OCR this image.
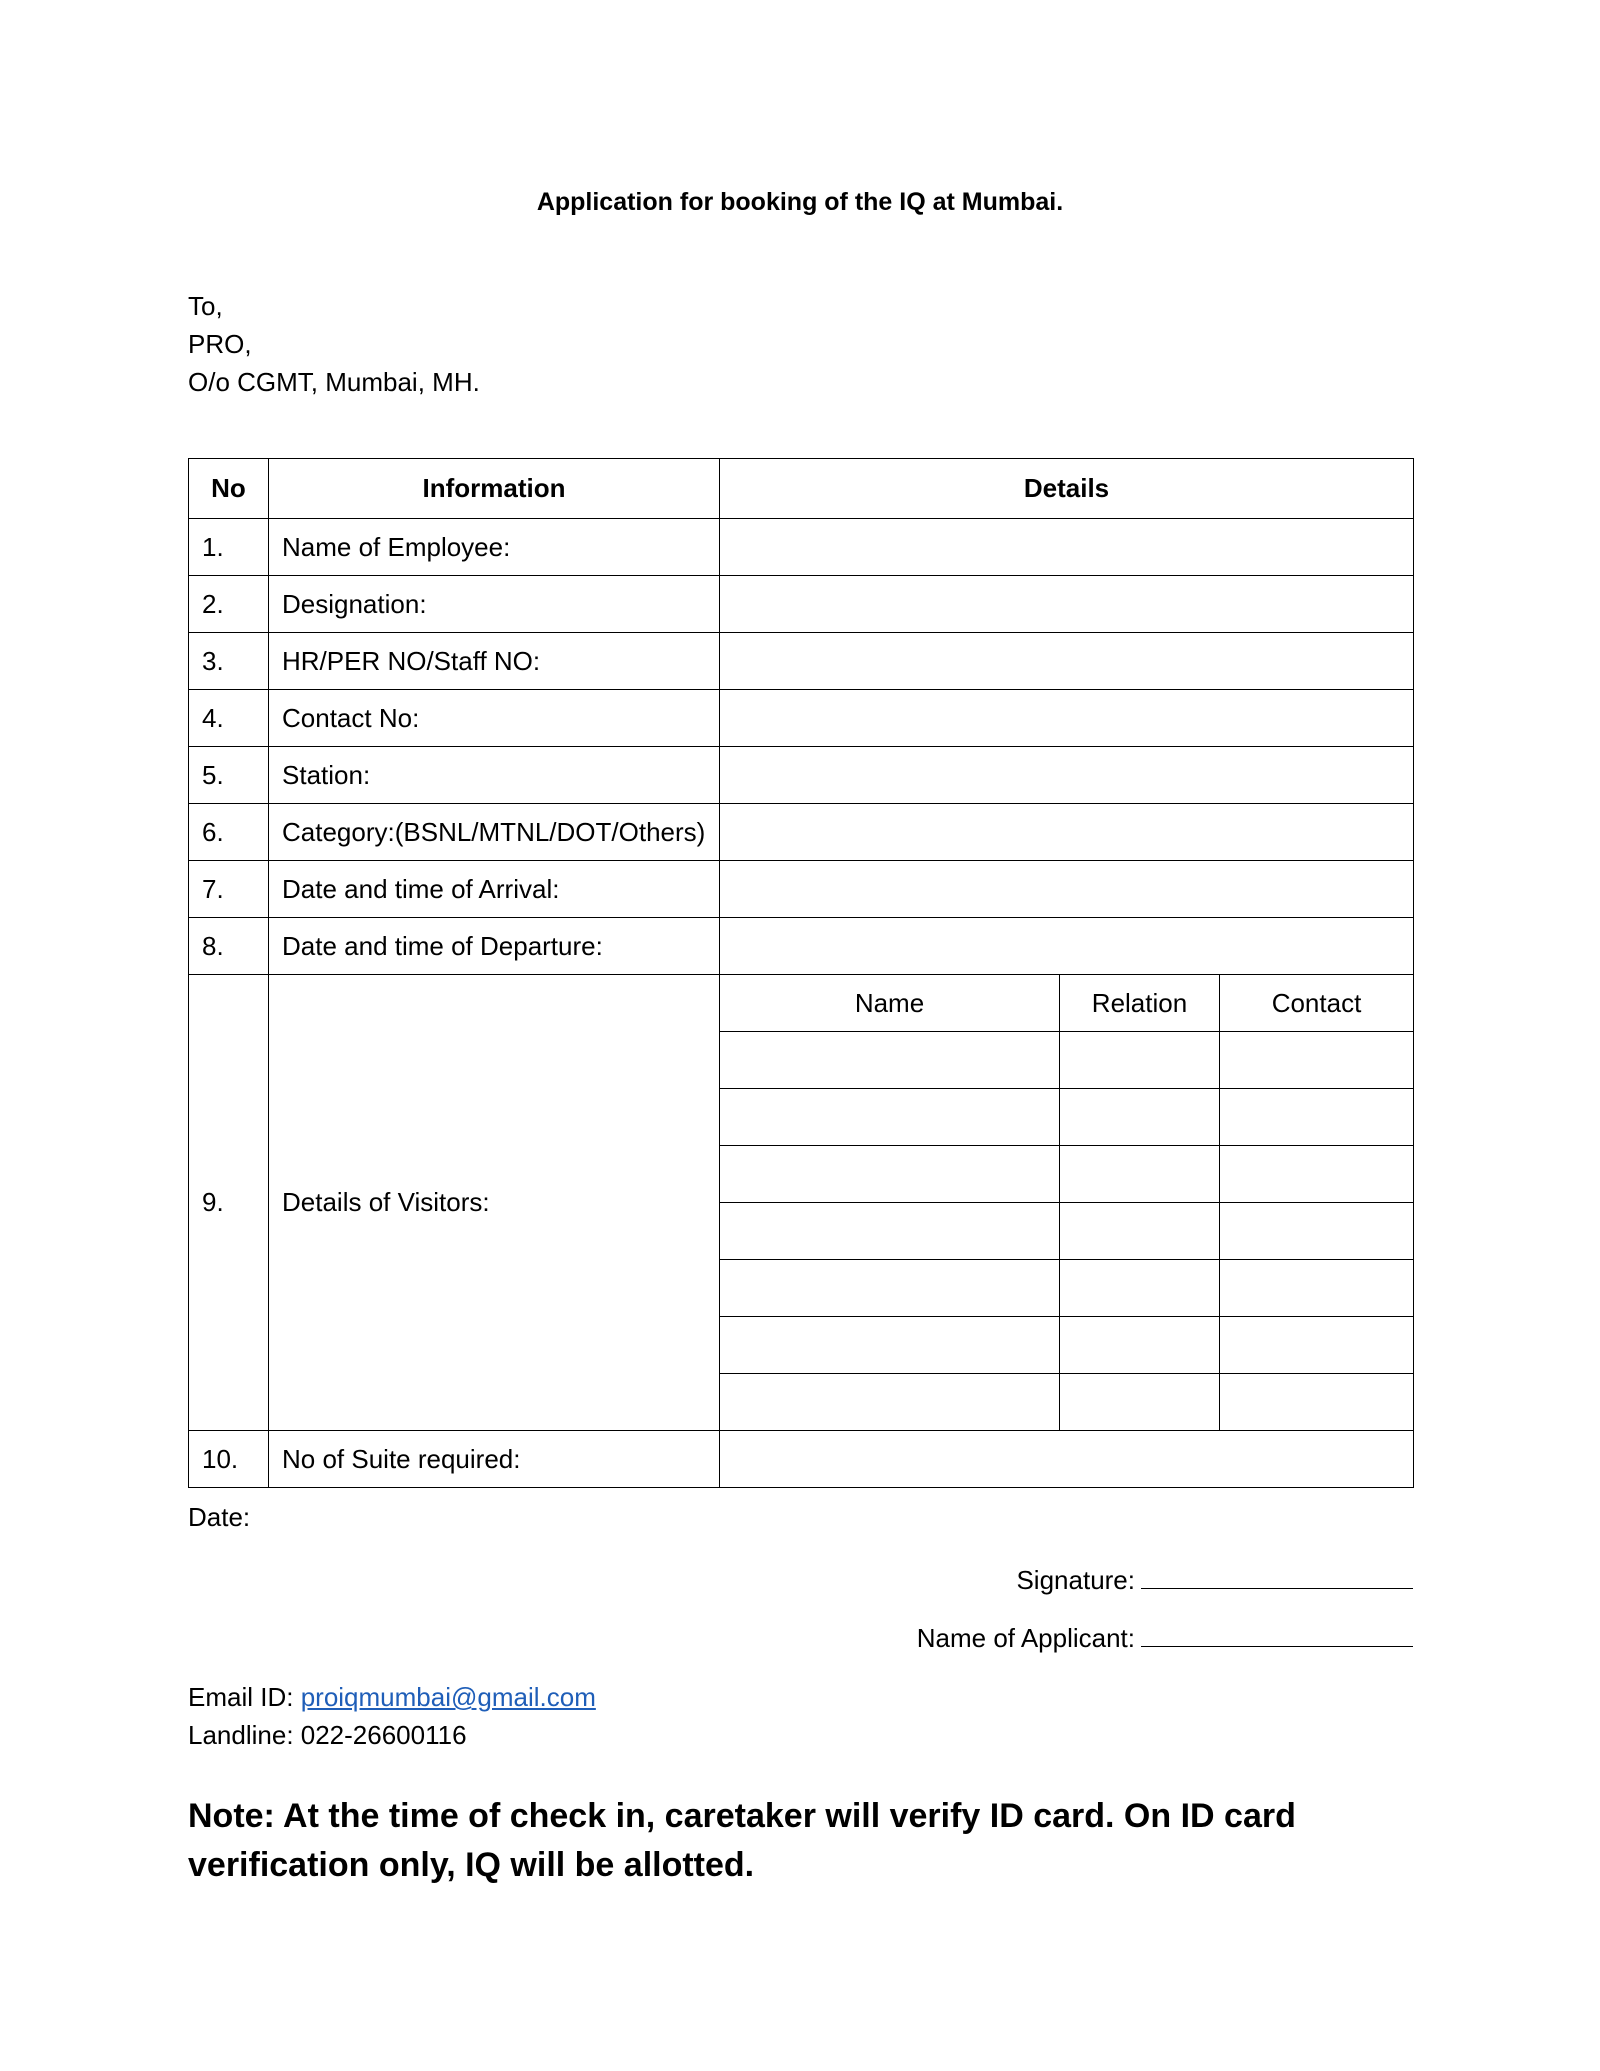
Application for booking of the IQ at Mumbai.
To,
PRO,
O/o CGMT, Mumbai, MH.
No	Information	Details		
1.	Name of Employee:			
2.	Designation:			
3.	HR/PER NO/Staff NO:			
4.	Contact No:			
5.	Station:			
6.	Category:(BSNL/MTNL/DOT/Others)			
7.	Date and time of Arrival:			
8.	Date and time of Departure:			
9.	Details of Visitors:	Name	Relation	Contact

10.	No of Suite required:			
Date:
Signature:
Name of Applicant:
Email ID: proiqmumbai@gmail.com
Landline: 022-26600116
Note: At the time of check in, caretaker will verify ID card. On ID card verification only, IQ will be allotted.
